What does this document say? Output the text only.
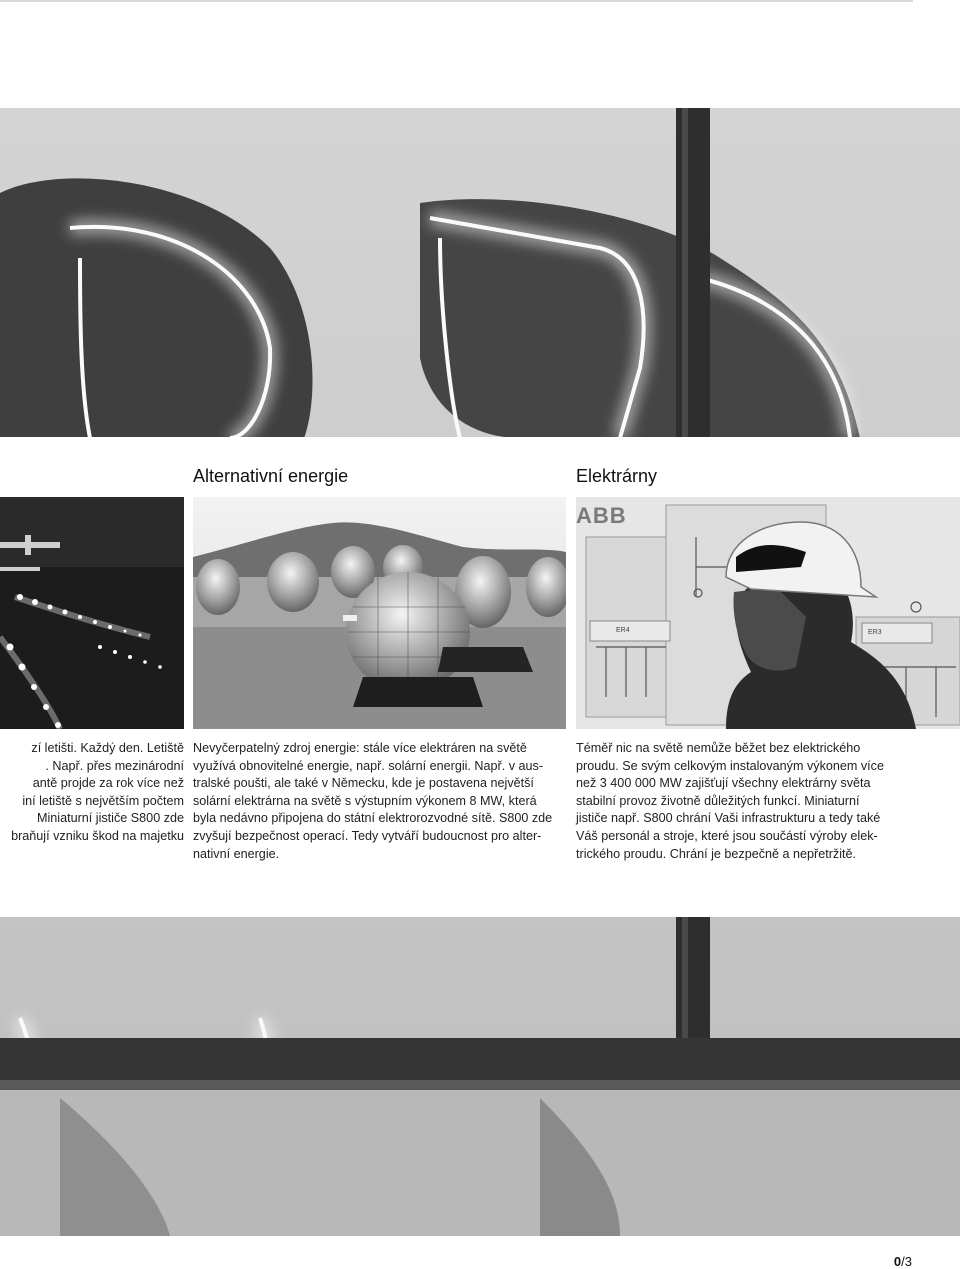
zí letišti. Každý den. Letiště
. Např. přes mezinárodní
antě projde za rok více než
iní letiště s největším počtem
Miniaturní jističe S800 zde
braňují vzniku škod na majetku
Alternativní energie
Nevyčerpatelný zdroj energie: stále více elektráren na světě
využívá obnovitelné energie, např. solární energii. Např. v aus-
tralské poušti, ale také v Německu, kde je postavena největší
solární elektrárna na světě s výstupním výkonem 8 MW, která
byla nedávno připojena do státní elektrorozvodné sítě. S800 zde
zvyšují bezpečnost operací. Tedy vytváří budoucnost pro alter-
nativní energie.
Elektrárny
ER4	ER3
ABB
Téměř nic na světě nemůže běžet bez elektrického
proudu. Se svým celkovým instalovaným výkonem více
než 3 400 000 MW zajišťují všechny elektrárny světa
stabilní provoz životně důležitých funkcí. Miniaturní
jističe např. S800 chrání Vaši infrastrukturu a tedy také
Váš personál a stroje, které jsou součástí výroby elek-
trického proudu. Chrání je bezpečně a nepřetržitě.
0/3
